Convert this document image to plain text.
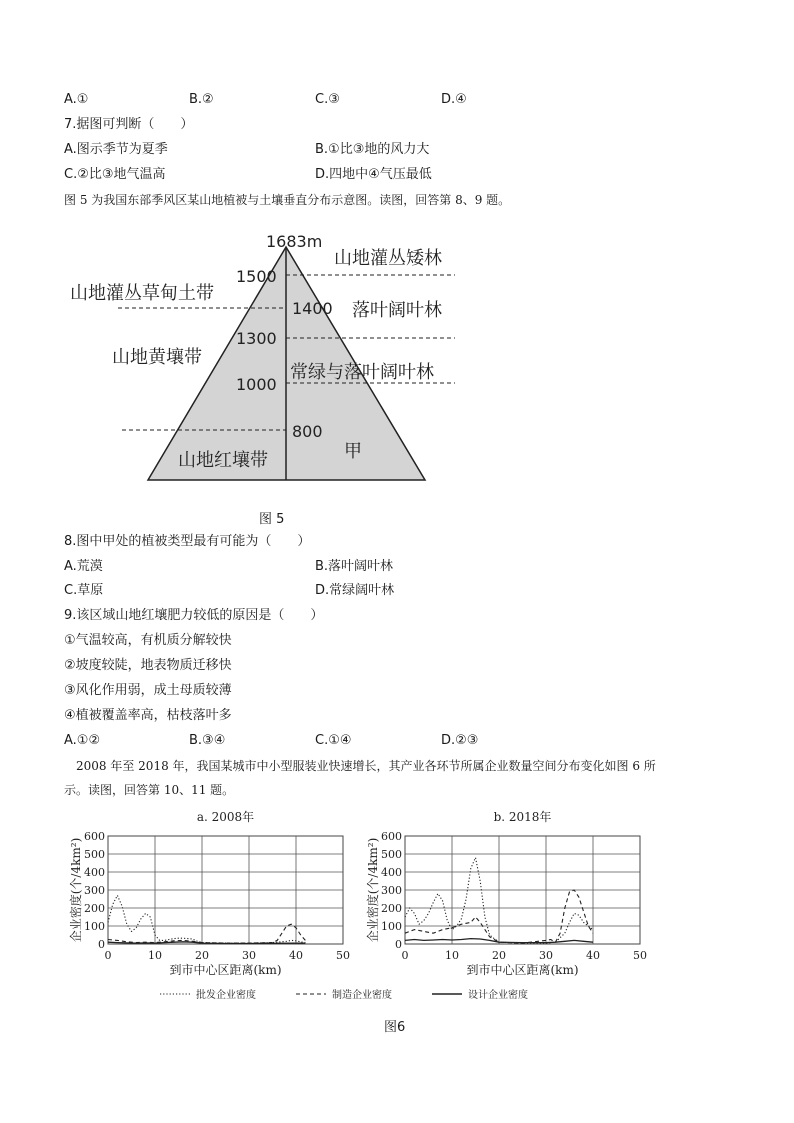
A.①	B.②	C.③	D.④
7.据图可判断（　　）
A.图示季节为夏季	B.①比③地的风力大
C.②比③地气温高	D.四地中④气压最低
图 5 为我国东部季风区某山地植被与土壤垂直分布示意图。读图，回答第 8、9 题。
1683m
1500
1400
1300
1000
800
山地灌丛草甸土带
山地黄壤带
山地红壤带
山地灌丛矮林
落叶阔叶林
常绿与落叶阔叶林
甲
图 5
8.图中甲处的植被类型最有可能为（　　）
A.荒漠	B.落叶阔叶林
C.草原	D.常绿阔叶林
9.该区域山地红壤肥力较低的原因是（　　）
①气温较高，有机质分解较快
②坡度较陡，地表物质迁移快
③风化作用弱，成土母质较薄
④植被覆盖率高，枯枝落叶多
A.①②	B.③④	C.①④	D.②③
2008 年至 2018 年，我国某城市中小型服装业快速增长，其产业各环节所属企业数量空间分布变化如图 6 所
示。读图，回答第 10、11 题。
0	10	20	30	40	50
0
100
200
300
400
500
600
a. 2008年
到市中心区距离(km)
企业密度(个/4km²)
0	10	20	30	40	50
0
100
200
300
400
500
600
b. 2018年
到市中心区距离(km)
企业密度(个/4km²)
批发企业密度	制造企业密度	设计企业密度
图6
